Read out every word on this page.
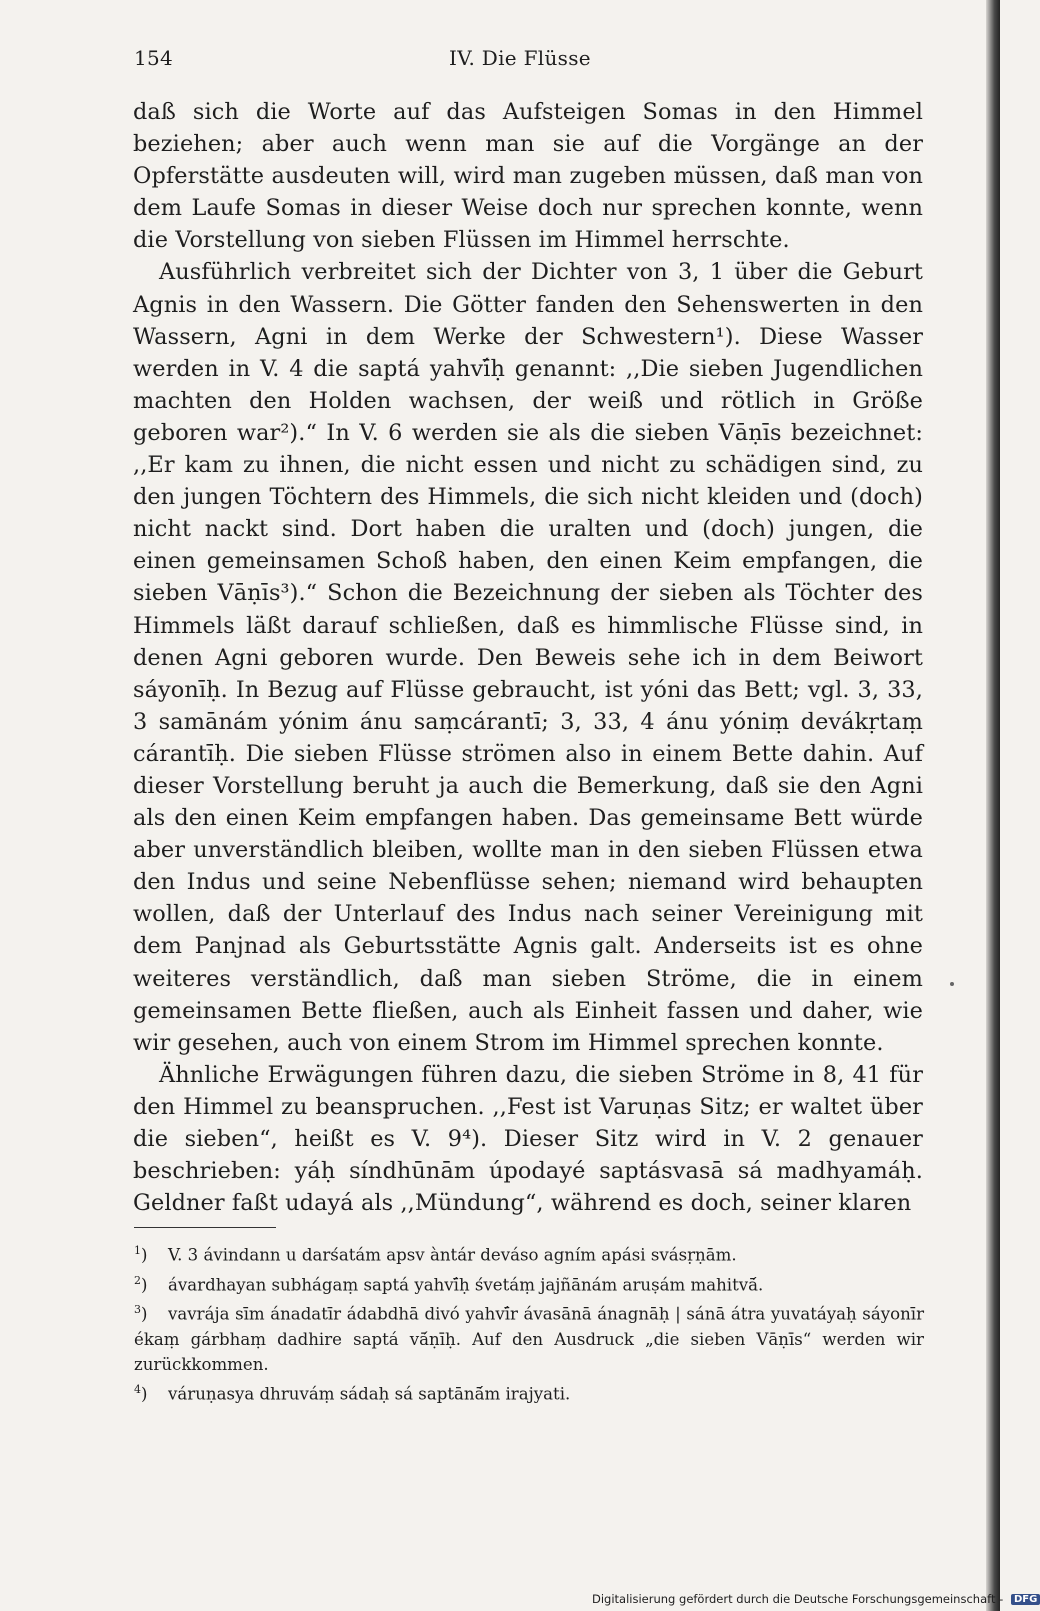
154	IV. Die Flüsse

daß sich die Worte auf das Aufsteigen Somas in den Himmel beziehen; aber auch wenn man sie auf die Vorgänge an der Opferstätte ausdeuten will, wird man zugeben müssen, daß man von dem Laufe Somas in dieser Weise doch nur sprechen konnte, wenn die Vorstellung von sieben Flüssen im Himmel herrschte.

Ausführlich verbreitet sich der Dichter von 3, 1 über die Geburt Agnis in den Wassern. Die Götter fanden den Sehenswerten in den Wassern, Agni in dem Werke der Schwestern¹). Diese Wasser werden in V. 4 die saptá yahvī́ḥ genannt: ,,Die sieben Jugendlichen machten den Holden wachsen, der weiß und rötlich in Größe geboren war²).“ In V. 6 werden sie als die sieben Vāṇīs bezeichnet: ,,Er kam zu ihnen, die nicht essen und nicht zu schädigen sind, zu den jungen Töchtern des Himmels, die sich nicht kleiden und (doch) nicht nackt sind. Dort haben die uralten und (doch) jungen, die einen gemeinsamen Schoß haben, den einen Keim empfangen, die sieben Vāṇīs³).“ Schon die Bezeichnung der sieben als Töchter des Himmels läßt darauf schließen, daß es himmlische Flüsse sind, in denen Agni geboren wurde. Den Beweis sehe ich in dem Beiwort sáyonīḥ. In Bezug auf Flüsse gebraucht, ist yóni das Bett; vgl. 3, 33, 3 samānám yónim ánu saṃcárantī; 3, 33, 4 ánu yóniṃ devákṛtaṃ cárantīḥ. Die sieben Flüsse strömen also in einem Bette dahin. Auf dieser Vorstellung beruht ja auch die Bemerkung, daß sie den Agni als den einen Keim empfangen haben. Das gemeinsame Bett würde aber unverständlich bleiben, wollte man in den sieben Flüssen etwa den Indus und seine Nebenflüsse sehen; niemand wird behaupten wollen, daß der Unterlauf des Indus nach seiner Vereinigung mit dem Panjnad als Geburtsstätte Agnis galt. Anderseits ist es ohne weiteres verständlich, daß man sieben Ströme, die in einem gemeinsamen Bette fließen, auch als Einheit fassen und daher, wie wir gesehen, auch von einem Strom im Himmel sprechen konnte.

Ähnliche Erwägungen führen dazu, die sieben Ströme in 8, 41 für den Himmel zu beanspruchen. ,,Fest ist Varuṇas Sitz; er waltet über die sieben“, heißt es V. 9⁴). Dieser Sitz wird in V. 2 genauer beschrieben: yáḥ síndhūnām úpodayé saptásvasā sá madhyamáḥ. Geldner faßt udayá als ,,Mündung“, während es doch, seiner klaren

$^1$) V. 3 ávindann u darśatám apsv àntár deváso agním apási svásṛṇām.

$^2$) ávardhayan subhágaṃ saptá yahvī́ḥ śvetáṃ jajñānám aruṣám mahitvā́.

$^3$) vavrája sīm ánadatīr ádabdhā divó yahvī́r ávasānā ánagnāḥ | sánā átra yuvatáyaḥ sáyonīr ékaṃ gárbhaṃ dadhire saptá vā́ṇīḥ. Auf den Ausdruck „die sieben Vāṇīs“ werden wir zurückkommen.

$^4$) váruṇasya dhruváṃ sádaḥ sá saptānā́m irajyati.

Digitalisierung gefördert durch die Deutsche Forschungsgemeinschaft - DFG
